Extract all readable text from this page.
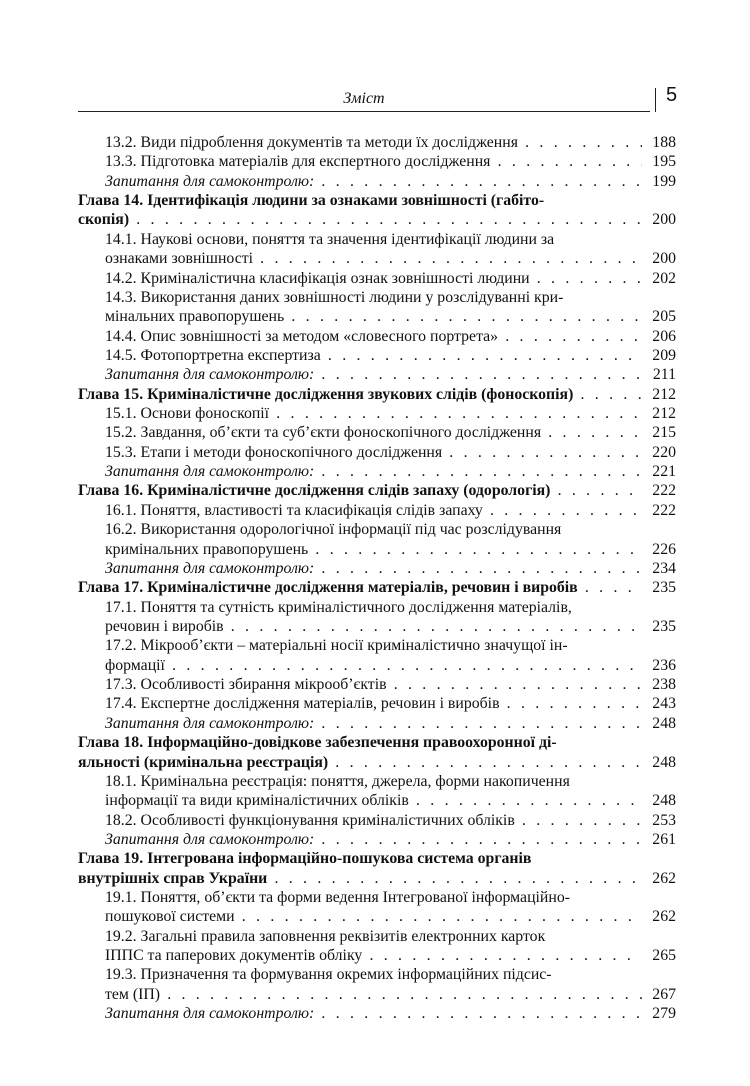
Зміст	5
13.2. Види підроблення документів та методи їх дослідження . . .	188
13.3. Підготовка матеріалів для експертного дослідження . . .	195
Запитання для самоконтролю: . . .	199
Глава 14. Ідентифікація людини за ознаками зовнішності (габіто-
скопія) . . .	200
14.1. Наукові основи, поняття та значення ідентифікації людини за
ознаками зовнішності . . .	200
14.2. Криміналістична класифікація ознак зовнішності людини . . .	202
14.3. Використання даних зовнішності людини у розслідуванні кри-
мінальних правопорушень . . .	205
14.4. Опис зовнішності за методом «словесного портрета» . . .	206
14.5. Фотопортретна експертиза . . .	209
Запитання для самоконтролю: . . .	211
Глава 15. Криміналістичне дослідження звукових слідів (фоноскопія) . . .	212
15.1. Основи фоноскопії . . .	212
15.2. Завдання, об’єкти та суб’єкти фоноскопічного дослідження . . .	215
15.3. Етапи і методи фоноскопічного дослідження . . .	220
Запитання для самоконтролю: . . .	221
Глава 16. Криміналістичне дослідження слідів запаху (одорологія) . . .	222
16.1. Поняття, властивості та класифікація слідів запаху . . .	222
16.2. Використання одорологічної інформації під час розслідування
кримінальних правопорушень . . .	226
Запитання для самоконтролю: . . .	234
Глава 17. Криміналістичне дослідження матеріалів, речовин і виробів . . .	235
17.1. Поняття та сутність криміналістичного дослідження матеріалів,
речовин і виробів . . .	235
17.2. Мікрооб’єкти – матеріальні носії криміналістично значущої ін-
формації . . .	236
17.3. Особливості збирання мікрооб’єктів . . .	238
17.4. Експертне дослідження матеріалів, речовин і виробів . . .	243
Запитання для самоконтролю: . . .	248
Глава 18. Інформаційно-довідкове забезпечення правоохоронної ді-
яльності (кримінальна реєстрація) . . .	248
18.1. Кримінальна реєстрація: поняття, джерела, форми накопичення
інформації та види криміналістичних обліків . . .	248
18.2. Особливості функціонування криміналістичних обліків . . .	253
Запитання для самоконтролю: . . .	261
Глава 19. Інтегрована інформаційно-пошукова система органів
внутрішніх справ України . . .	262
19.1. Поняття, об’єкти та форми ведення Інтегрованої інформаційно-
пошукової системи . . .	262
19.2. Загальні правила заповнення реквізитів електронних карток
ІППС та паперових документів обліку . . .	265
19.3. Призначення та формування окремих інформаційних підсис-
тем (ІП) . . .	267
Запитання для самоконтролю: . . .	279
